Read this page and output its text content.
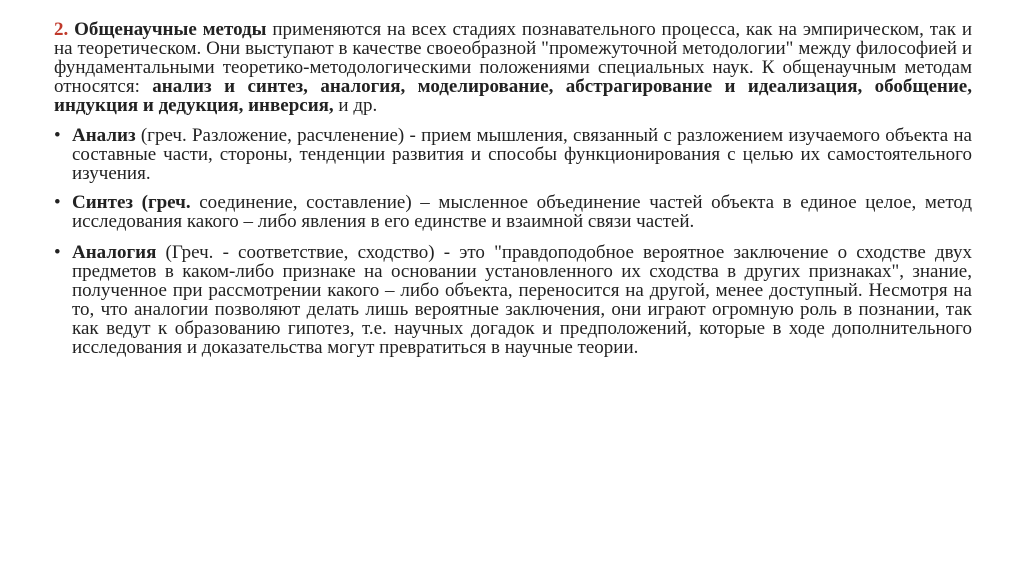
2. Общенаучные методы применяются на всех стадиях познавательного процесса, как на эмпирическом, так и на теоретическом. Они выступают в качестве своеобразной "промежуточной методологии" между философией и фундаментальными теоретико-методологическими положениями специальных наук. К общенаучным методам относятся: анализ и синтез, аналогия, моделирование, абстрагирование и идеализация, обобщение, индукция и дедукция, инверсия, и др.

• Анализ (греч. Разложение, расчленение) - прием мышления, связанный с разложением изучаемого объекта на составные части, стороны, тенденции развития и способы функционирования с целью их самостоятельного изучения.
• Синтез (греч. соединение, составление) – мысленное объединение частей объекта в единое целое, метод исследования какого – либо явления в его единстве и взаимной связи частей.
• Аналогия (Греч. - соответствие, сходство) - это "правдоподобное вероятное заключение о сходстве двух предметов в каком-либо признаке на основании установленного их сходства в других признаках", знание, полученное при рассмотрении какого – либо объекта, переносится на другой, менее доступный. Несмотря на то, что аналогии позволяют делать лишь вероятные заключения, они играют огромную роль в познании, так как ведут к образованию гипотез, т.е. научных догадок и предположений, которые в ходе дополнительного исследования и доказательства могут превратиться в научные теории.
